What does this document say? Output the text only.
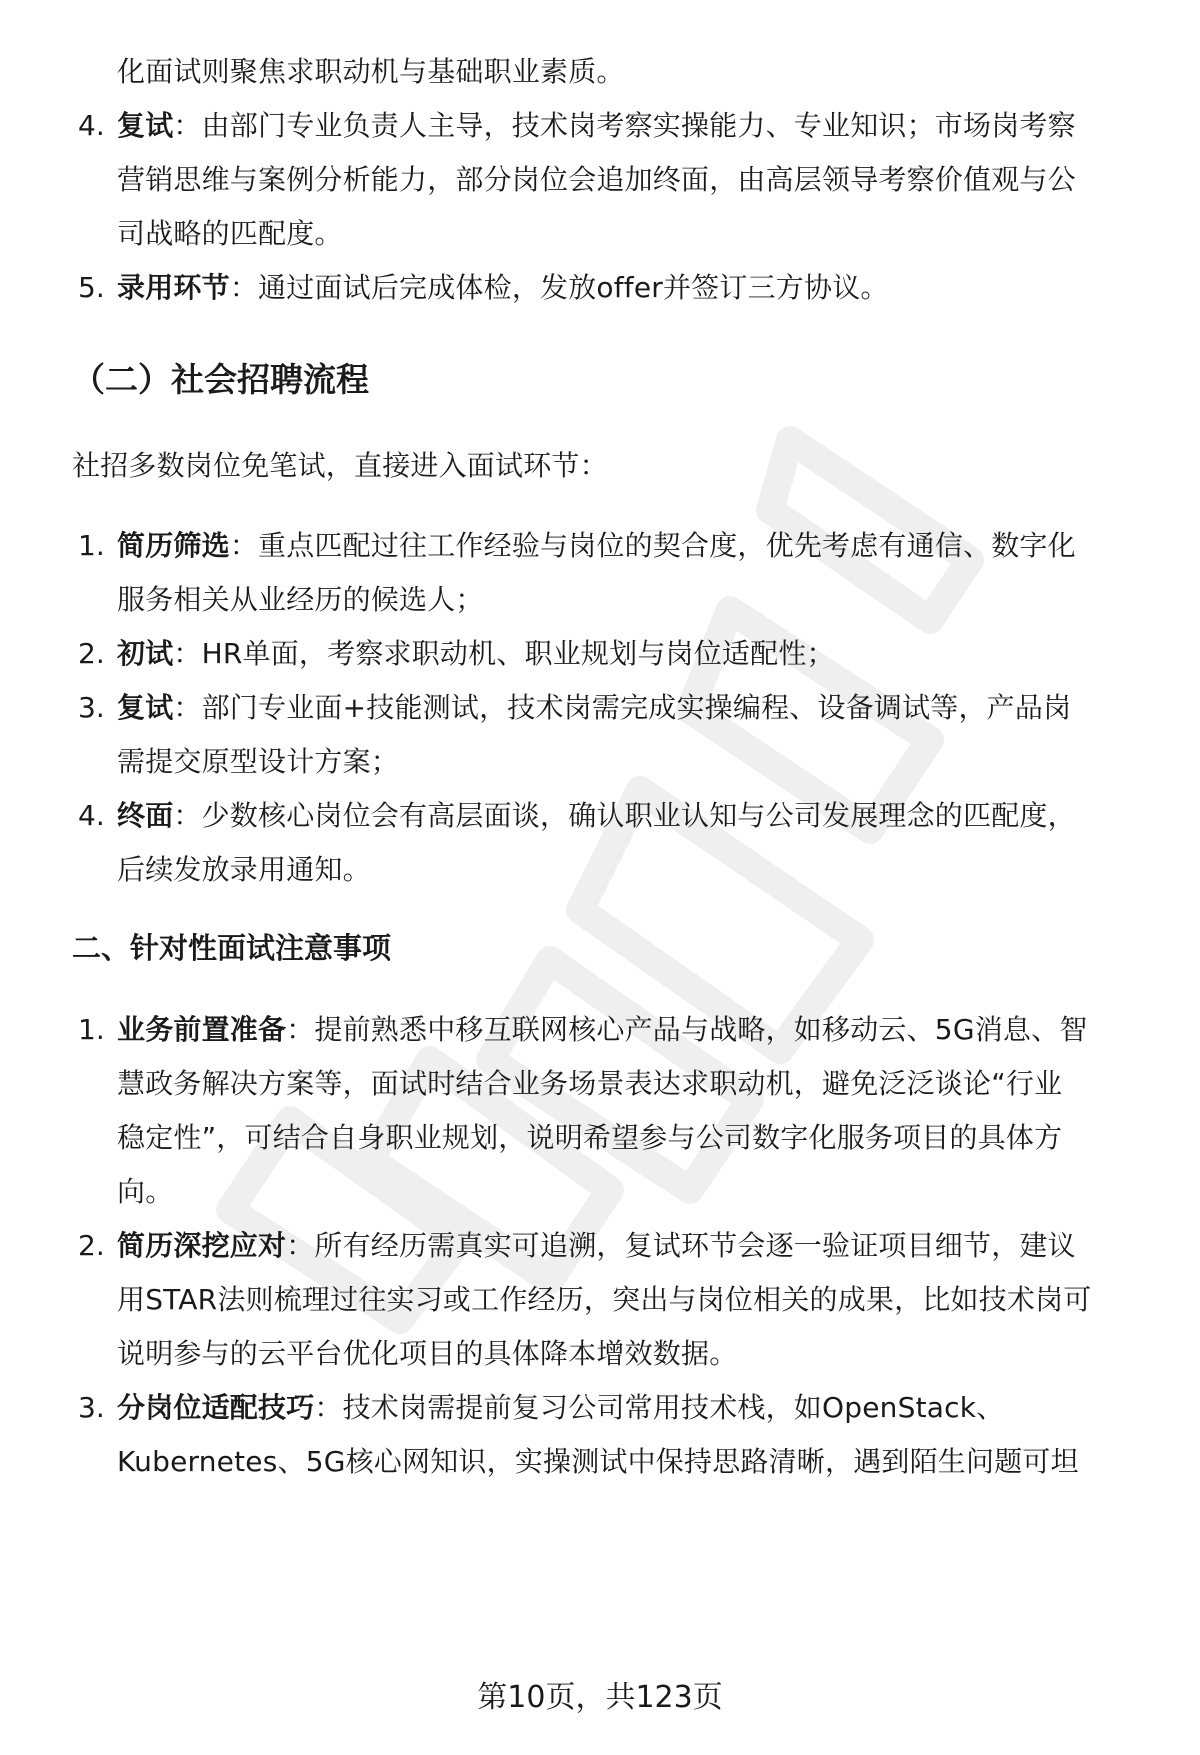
化面试则聚焦求职动机与基础职业素质。
4. 复试：由部门专业负责人主导，技术岗考察实操能力、专业知识；市场岗考察
营销思维与案例分析能力，部分岗位会追加终面，由高层领导考察价值观与公
司战略的匹配度。
5. 录用环节：通过面试后完成体检，发放offer并签订三方协议。
（二）社会招聘流程
社招多数岗位免笔试，直接进入面试环节：
1. 简历筛选：重点匹配过往工作经验与岗位的契合度，优先考虑有通信、数字化
服务相关从业经历的候选人；
2. 初试：HR单面，考察求职动机、职业规划与岗位适配性；
3. 复试：部门专业面+技能测试，技术岗需完成实操编程、设备调试等，产品岗
需提交原型设计方案；
4. 终面：少数核心岗位会有高层面谈，确认职业认知与公司发展理念的匹配度，
后续发放录用通知。
二、针对性面试注意事项
1. 业务前置准备：提前熟悉中移互联网核心产品与战略，如移动云、5G消息、智
慧政务解决方案等，面试时结合业务场景表达求职动机，避免泛泛谈论“行业
稳定性”，可结合自身职业规划，说明希望参与公司数字化服务项目的具体方
向。
2. 简历深挖应对：所有经历需真实可追溯，复试环节会逐一验证项目细节，建议
用STAR法则梳理过往实习或工作经历，突出与岗位相关的成果，比如技术岗可
说明参与的云平台优化项目的具体降本增效数据。
3. 分岗位适配技巧：技术岗需提前复习公司常用技术栈，如OpenStack、
Kubernetes、5G核心网知识，实操测试中保持思路清晰，遇到陌生问题可坦
第10页，共123页
